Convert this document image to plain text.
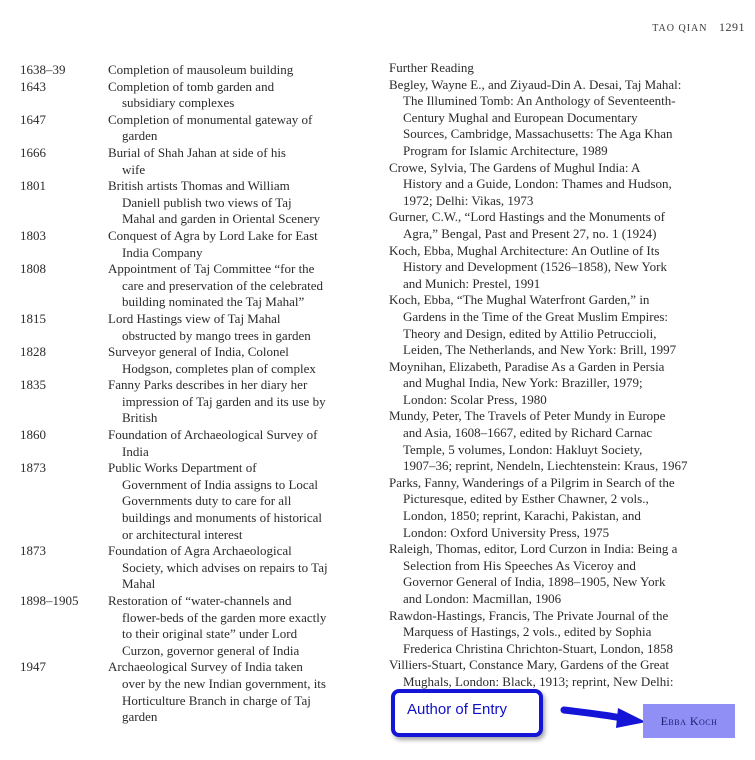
TAO QIAN 1291
1638–39	Completion of mausoleum building
1643	Completion of tomb garden and
subsidiary complexes
1647	Completion of monumental gateway of
garden
1666	Burial of Shah Jahan at side of his
wife
1801	British artists Thomas and William
Daniell publish two views of Taj
Mahal and garden in Oriental Scenery
1803	Conquest of Agra by Lord Lake for East
India Company
1808	Appointment of Taj Committee “for the
care and preservation of the celebrated
building nominated the Taj Mahal”
1815	Lord Hastings view of Taj Mahal
obstructed by mango trees in garden
1828	Surveyor general of India, Colonel
Hodgson, completes plan of complex
1835	Fanny Parks describes in her diary her
impression of Taj garden and its use by
British
1860	Foundation of Archaeological Survey of
India
1873	Public Works Department of
Government of India assigns to Local
Governments duty to care for all
buildings and monuments of historical
or architectural interest
1873	Foundation of Agra Archaeological
Society, which advises on repairs to Taj
Mahal
1898–1905	Restoration of “water-channels and
flower-beds of the garden more exactly
to their original state” under Lord
Curzon, governor general of India
1947	Archaeological Survey of India taken
over by the new Indian government, its
Horticulture Branch in charge of Taj
garden
Further Reading
Begley, Wayne E., and Ziyaud-Din A. Desai, Taj Mahal:
The Illumined Tomb: An Anthology of Seventeenth-
Century Mughal and European Documentary
Sources, Cambridge, Massachusetts: The Aga Khan
Program for Islamic Architecture, 1989
Crowe, Sylvia, The Gardens of Mughul India: A
History and a Guide, London: Thames and Hudson,
1972; Delhi: Vikas, 1973
Gurner, C.W., “Lord Hastings and the Monuments of
Agra,” Bengal, Past and Present 27, no. 1 (1924)
Koch, Ebba, Mughal Architecture: An Outline of Its
History and Development (1526–1858), New York
and Munich: Prestel, 1991
Koch, Ebba, “The Mughal Waterfront Garden,” in
Gardens in the Time of the Great Muslim Empires:
Theory and Design, edited by Attilio Petruccioli,
Leiden, The Netherlands, and New York: Brill, 1997
Moynihan, Elizabeth, Paradise As a Garden in Persia
and Mughal India, New York: Braziller, 1979;
London: Scolar Press, 1980
Mundy, Peter, The Travels of Peter Mundy in Europe
and Asia, 1608–1667, edited by Richard Carnac
Temple, 5 volumes, London: Hakluyt Society,
1907–36; reprint, Nendeln, Liechtenstein: Kraus, 1967
Parks, Fanny, Wanderings of a Pilgrim in Search of the
Picturesque, edited by Esther Chawner, 2 vols.,
London, 1850; reprint, Karachi, Pakistan, and
London: Oxford University Press, 1975
Raleigh, Thomas, editor, Lord Curzon in India: Being a
Selection from His Speeches As Viceroy and
Governor General of India, 1898–1905, New York
and London: Macmillan, 1906
Rawdon-Hastings, Francis, The Private Journal of the
Marquess of Hastings, 2 vols., edited by Sophia
Frederica Christina Chrichton-Stuart, London, 1858
Villiers-Stuart, Constance Mary, Gardens of the Great
Mughals, London: Black, 1913; reprint, New Delhi:
Author of Entry
Ebba Koch
